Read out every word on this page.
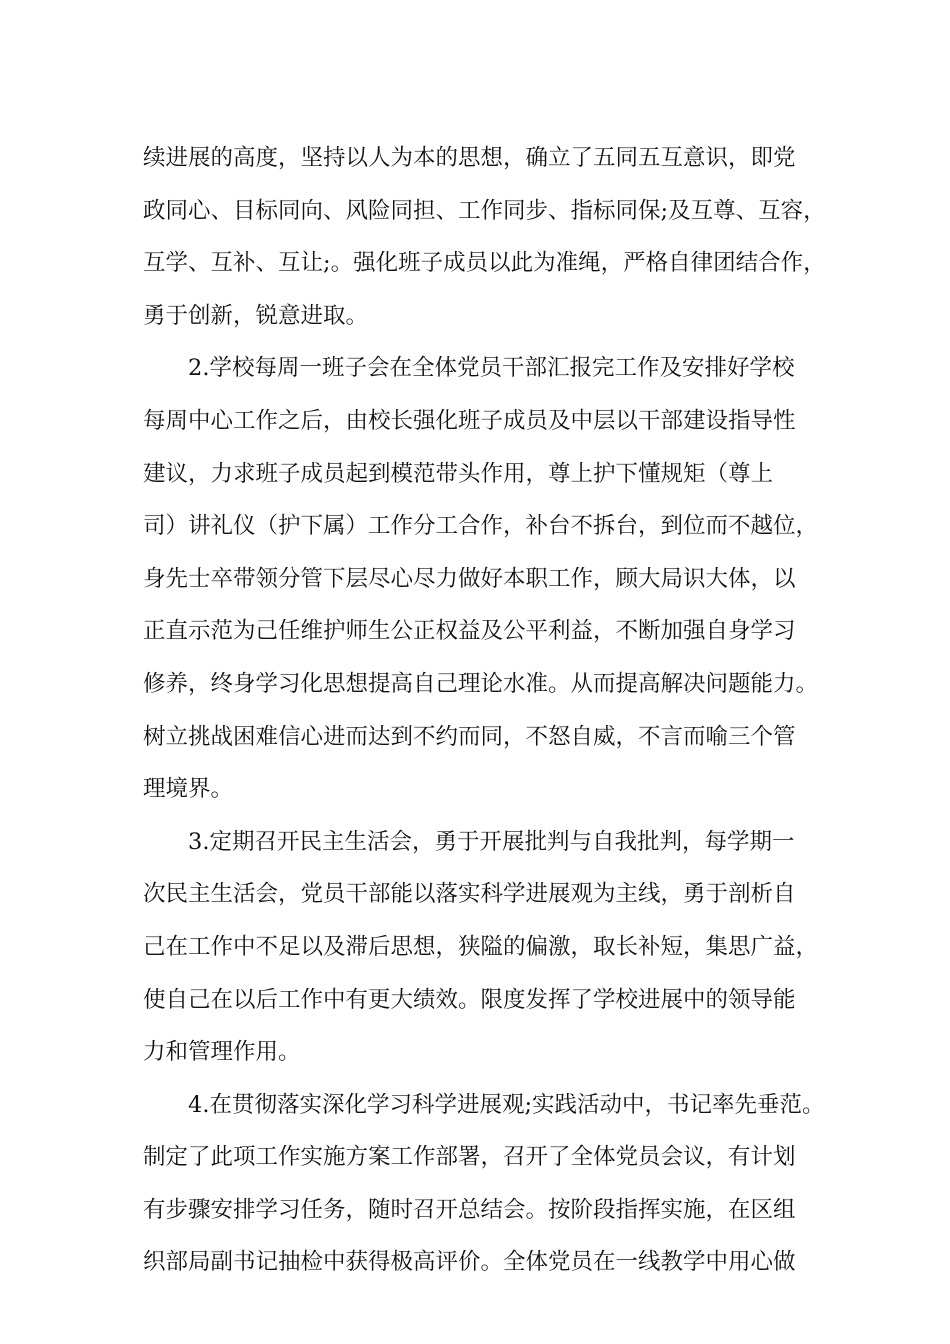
续进展的高度，坚持以人为本的思想，确立了五同五互意识，即党
政同心、目标同向、风险同担、工作同步、指标同保;及互尊、互容，
互学、互补、互让;。强化班子成员以此为准绳，严格自律团结合作，
勇于创新，锐意进取。
2.学校每周一班子会在全体党员干部汇报完工作及安排好学校
每周中心工作之后，由校长强化班子成员及中层以干部建设指导性
建议，力求班子成员起到模范带头作用，尊上护下懂规矩（尊上
司）讲礼仪（护下属）工作分工合作，补台不拆台，到位而不越位，
身先士卒带领分管下层尽心尽力做好本职工作，顾大局识大体，以
正直示范为己任维护师生公正权益及公平利益，不断加强自身学习
修养，终身学习化思想提高自己理论水准。从而提高解决问题能力。
树立挑战困难信心进而达到不约而同，不怒自威，不言而喻三个管
理境界。
3.定期召开民主生活会，勇于开展批判与自我批判，每学期一
次民主生活会，党员干部能以落实科学进展观为主线，勇于剖析自
己在工作中不足以及滞后思想，狭隘的偏激，取长补短，集思广益，
使自己在以后工作中有更大绩效。限度发挥了学校进展中的领导能
力和管理作用。
4.在贯彻落实深化学习科学进展观;实践活动中，书记率先垂范。
制定了此项工作实施方案工作部署，召开了全体党员会议，有计划
有步骤安排学习任务，随时召开总结会。按阶段指挥实施，在区组
织部局副书记抽检中获得极高评价。全体党员在一线教学中用心做
